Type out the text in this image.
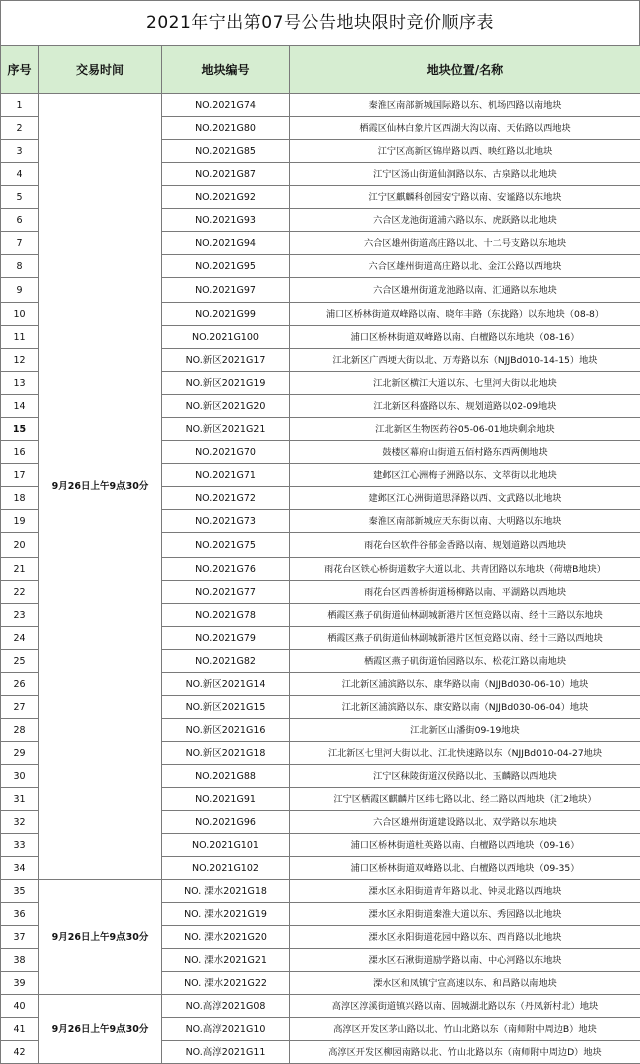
2021年宁出第07号公告地块限时竞价顺序表
序号	交易时间	地块编号	地块位置/名称
1	9月26日上午9点30分	NO.2021G74	秦淮区南部新城国际路以东、机场四路以南地块
2		NO.2021G80	栖霞区仙林白象片区西湖大沟以南、天佑路以西地块
3		NO.2021G85	江宁区高新区锦岸路以西、映红路以北地块
4		NO.2021G87	江宁区汤山街道仙洞路以东、古泉路以北地块
5		NO.2021G92	江宁区麒麟科创园安宁路以南、安谧路以东地块
6		NO.2021G93	六合区龙池街道浦六路以东、虎跃路以北地块
7		NO.2021G94	六合区雄州街道高庄路以北、十二号支路以东地块
8		NO.2021G95	六合区雄州街道高庄路以北、金江公路以西地块
9		NO.2021G97	六合区雄州街道龙池路以南、汇通路以东地块
10		NO.2021G99	浦口区桥林街道双峰路以南、晓年丰路（东拢路）以东地块（08-8）
11		NO.2021G100	浦口区桥林街道双峰路以南、白檀路以东地块（08-16）
12		NO.新区2021G17	江北新区广西埂大街以北、万寿路以东（NJJBd010-14-15）地块
13		NO.新区2021G19	江北新区横江大道以东、七里河大街以北地块
14		NO.新区2021G20	江北新区科盛路以东、规划道路以02-09地块
15		NO.新区2021G21	江北新区生物医药谷05-06-01地块剩余地块
16		NO.2021G70	鼓楼区幕府山街道五佰村路东西两侧地块
17		NO.2021G71	建邺区江心洲梅子洲路以东、文萃街以北地块
18		NO.2021G72	建邺区江心洲街道思泽路以西、文武路以北地块
19		NO.2021G73	秦淮区南部新城应天东街以南、大明路以东地块
20		NO.2021G75	雨花台区软件谷郁金香路以南、规划道路以西地块
21		NO.2021G76	雨花台区铁心桥街道数字大道以北、共青团路以东地块（荷塘B地块）
22		NO.2021G77	雨花台区西善桥街道杨柳路以南、平湖路以西地块
23		NO.2021G78	栖霞区燕子矶街道仙林副城新港片区恒竞路以南、经十三路以东地块
24		NO.2021G79	栖霞区燕子矶街道仙林副城新港片区恒竞路以南、经十三路以西地块
25		NO.2021G82	栖霞区燕子矶街道怡园路以东、松花江路以南地块
26		NO.新区2021G14	江北新区浦滨路以东、康华路以南（NJJBd030-06-10）地块
27		NO.新区2021G15	江北新区浦滨路以东、康安路以南（NJJBd030-06-04）地块
28		NO.新区2021G16	江北新区山潘街09-19地块
29		NO.新区2021G18	江北新区七里河大街以北、江北快速路以东（NJJBd010-04-27地块
30		NO.2021G88	江宁区秣陵街道汉侯路以北、玉麟路以西地块
31		NO.2021G91	江宁区栖霞区麒麟片区纬七路以北、经二路以西地块（汇2地块）
32		NO.2021G96	六合区雄州街道建设路以北、双学路以东地块
33		NO.2021G101	浦口区桥林街道杜英路以南、白檀路以西地块（09-16）
34		NO.2021G102	浦口区桥林街道双峰路以北、白檀路以西地块（09-35）
35	9月26日上午9点30分	NO. 溧水2021G18	溧水区永阳街道青年路以北、钟灵北路以西地块
36		NO. 溧水2021G19	溧水区永阳街道秦淮大道以东、秀园路以北地块
37		NO. 溧水2021G20	溧水区永阳街道花园中路以东、西肖路以北地块
38		NO. 溧水2021G21	溧水区石湫街道励学路以南、中心河路以东地块
39		NO. 溧水2021G22	溧水区和凤镇宁宣高速以东、和昌路以南地块
40	9月26日上午9点30分	NO.高淳2021G08	高淳区淳溪街道镇兴路以南、固城湖北路以东（丹凤新村北）地块
41		NO.高淳2021G10	高淳区开发区茅山路以北、竹山北路以东（南师附中周边B）地块
42		NO.高淳2021G11	高淳区开发区柳园南路以北、竹山北路以东（南师附中周边D）地块
